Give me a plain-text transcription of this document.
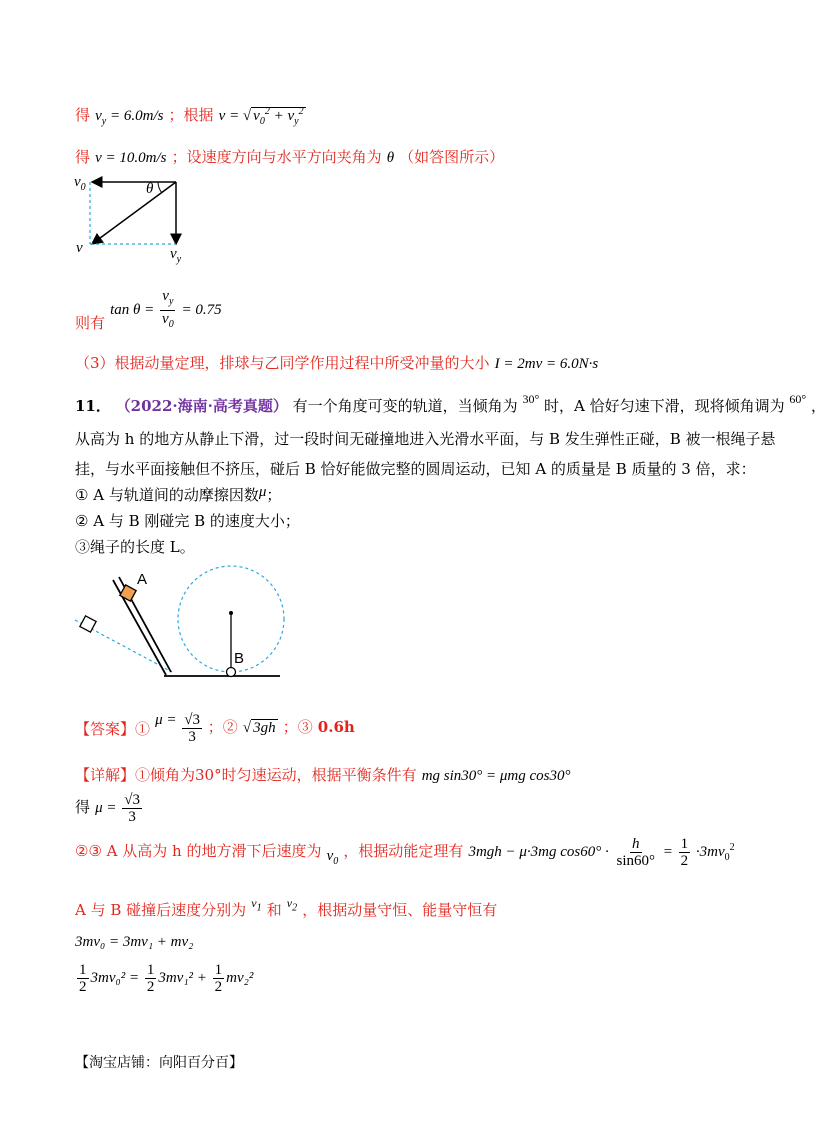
得 $v_y = 6.0m/s$ ；根据 v = √ $v_0^2 + v_y^2$
得 v = 10.0m/s ；设速度方向与水平方向夹角为 θ （如答图所示）
$v_0$	θ
v	$v_y$
则有 $\tan \theta = \frac{v_y}{v_0} = 0.75$
（3）根据动量定理，排球与乙同学作用过程中所受冲量的大小 I = 2mv = 6.0N·s
11． （2022·海南·高考真题） 有一个角度可变的轨道，当倾角为 $^{30^\circ}$ 时，A 恰好匀速下滑，现将倾角调为 $^{60^\circ}$ ，
从高为 h 的地方从静止下滑，过一段时间无碰撞地进入光滑水平面，与 B 发生弹性正碰，B 被一根绳子悬
挂，与水平面接触但不挤压，碰后 B 恰好能做完整的圆周运动，已知 A 的质量是 B 质量的 3 倍，求：
① A 与轨道间的动摩擦因数μ；
② A 与 B 刚碰完 B 的速度大小；
③绳子的长度 L。
A
B
【答案】① $\mu = \frac{√3}{3}$ ；② √ 3gh ；③ 0.6h
【详解】①倾角为30°时匀速运动，根据平衡条件有 mg sin30° = μmg cos30°
得 $\mu = \frac{√3}{3}$
②③ A 从高为 h 的地方滑下后速度为 $v_0$ ，根据动能定理有 3mgh − μ·3mg $\cos 60^\circ \cdot \frac{h}{\sin 60^\circ} = \frac{1}{2} \cdot 3mv_0^2$
A 与 B 碰撞后速度分别为 $^{v_1}$ 和 $^{v_2}$ ，根据动量守恒、能量守恒有
3mv₀ = 3mv₁ + mv₂
$\frac{1}{2} 3mv_0^2 = \frac{1}{2} 3mv_1^2 + \frac{1}{2} mv_2^2$
【淘宝店铺：向阳百分百】
